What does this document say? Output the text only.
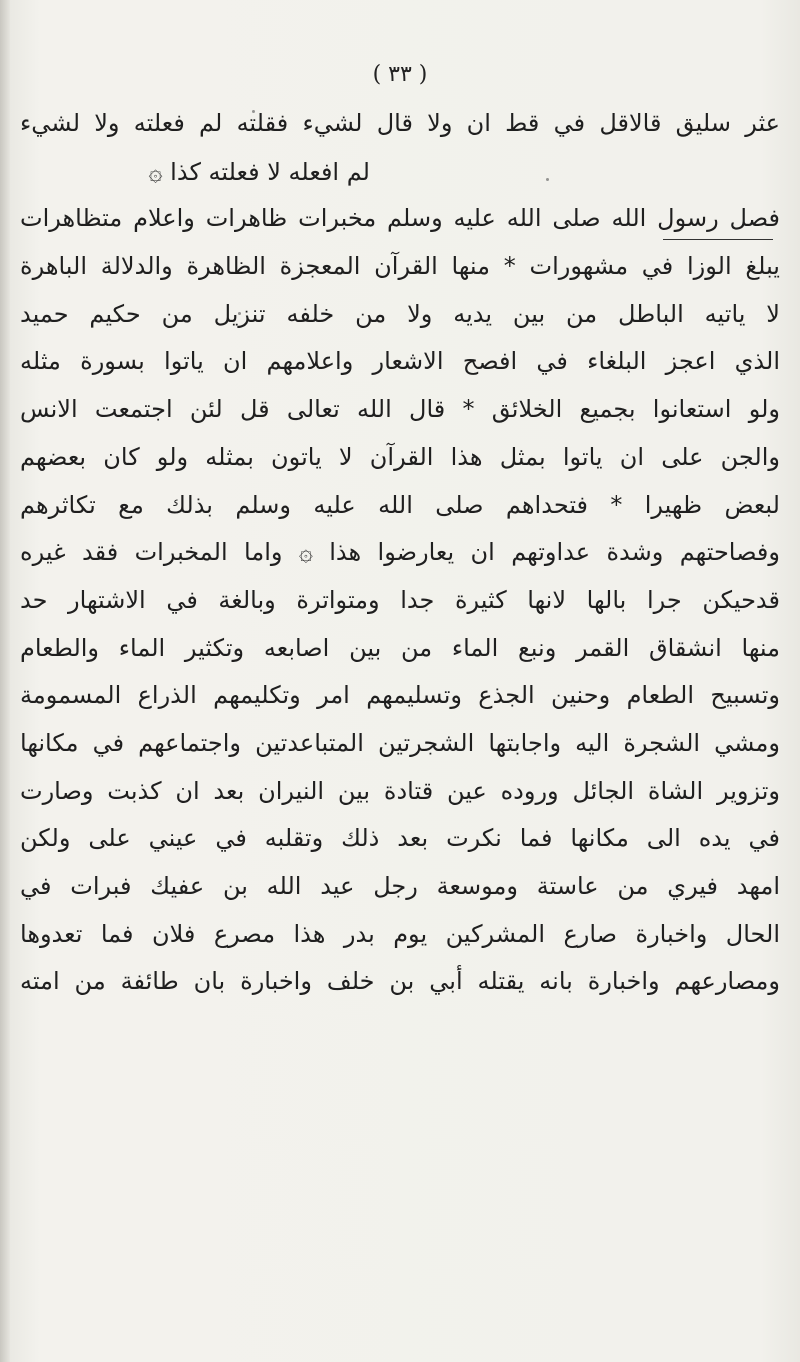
( ٣٣ )
عثر سليق قالاقل في قط ان ولا قال لشيء فقلته لم فعلته ولا لشيء
لم افعله لا فعلته كذا ۞
فصل رسول الله صلى الله عليه وسلم مخبرات ظاهرات واعلام متظاهرات
يبلغ الوزا في مشهورات * منها القرآن المعجزة الظاهرة والدلالة الباهرة
لا ياتيه الباطل من بين يديه ولا من خلفه تنزيل من حكيم حميد
الذي اعجز البلغاء في افصح الاشعار واعلامهم ان ياتوا بسورة مثله
ولو استعانوا بجميع الخلائق * قال الله تعالى قل لئن اجتمعت الانس
والجن على ان ياتوا بمثل هذا القرآن لا ياتون بمثله ولو كان بعضهم
لبعض ظهيرا * فتحداهم صلى الله عليه وسلم بذلك مع تكاثرهم
وفصاحتهم وشدة عداوتهم ان يعارضوا هذا ۞ واما المخبرات فقد غيره
قدحيكن جرا بالها لانها كثيرة جدا ومتواترة وبالغة في الاشتهار حد
منها انشقاق القمر ونبع الماء من بين اصابعه وتكثير الماء والطعام
وتسبيح الطعام وحنين الجذع وتسليمهم امر وتكليمهم الذراع المسمومة
ومشي الشجرة اليه واجابتها الشجرتين المتباعدتين واجتماعهم في مكانها
وتزوير الشاة الجائل وروده عين قتادة بين النيران بعد ان كذبت وصارت
في يده الى مكانها فما نكرت بعد ذلك وتقلبه في عيني على ولكن
امهد فيري من عاستة وموسعة رجل عيد الله بن عفيك فبرات في
الحال واخبارة صارع المشركين يوم بدر هذا مصرع فلان فما تعدوها
ومصارعهم واخبارة بانه يقتله أبي بن خلف واخبارة بان طائفة من امته
